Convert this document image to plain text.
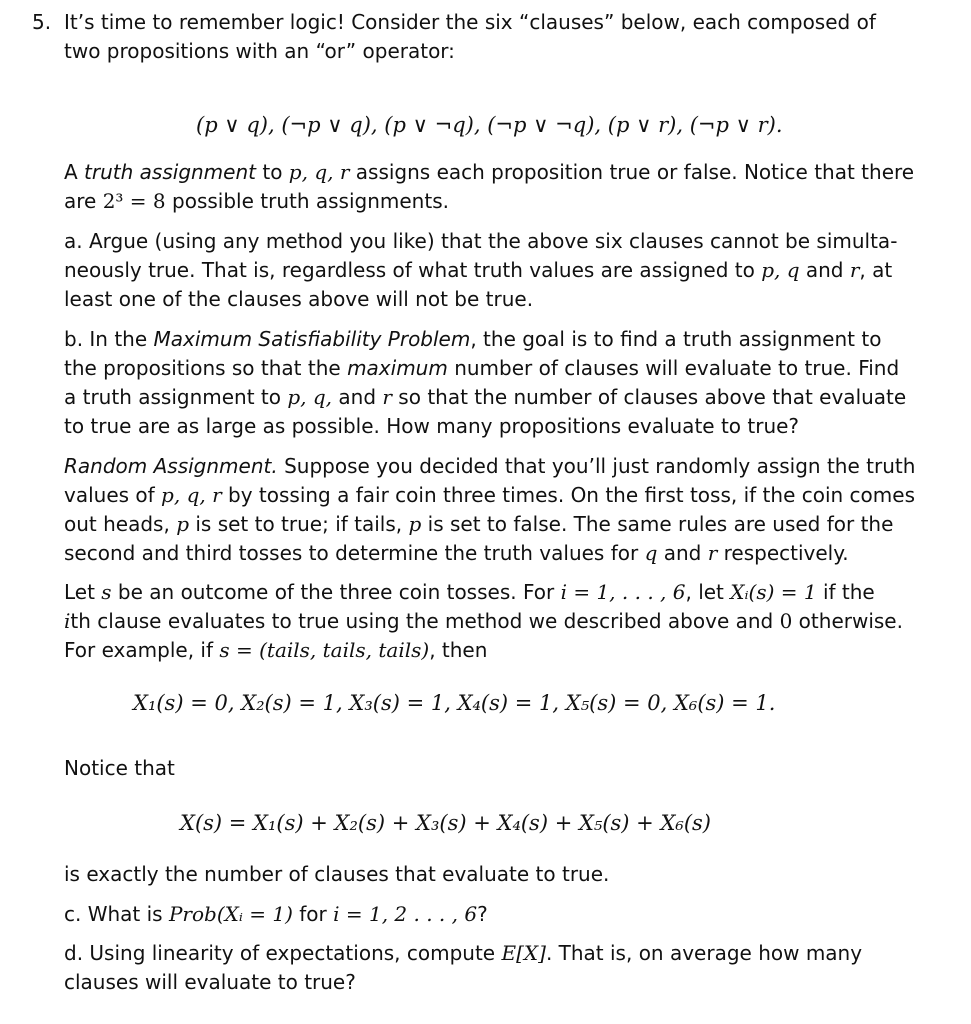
5. It’s time to remember logic! Consider the six “clauses” below, each composed of
two propositions with an “or” operator:
(p ∨ q), (¬p ∨ q), (p ∨ ¬q), (¬p ∨ ¬q), (p ∨ r), (¬p ∨ r).
A truth assignment to p, q, r assigns each proposition true or false. Notice that there
are 2³ = 8 possible truth assignments.
a. Argue (using any method you like) that the above six clauses cannot be simulta-
neously true. That is, regardless of what truth values are assigned to p, q and r, at
least one of the clauses above will not be true.
b. In the Maximum Satisfiability Problem, the goal is to find a truth assignment to
the propositions so that the maximum number of clauses will evaluate to true. Find
a truth assignment to p, q, and r so that the number of clauses above that evaluate
to true are as large as possible. How many propositions evaluate to true?
Random Assignment. Suppose you decided that you’ll just randomly assign the truth
values of p, q, r by tossing a fair coin three times. On the first toss, if the coin comes
out heads, p is set to true; if tails, p is set to false. The same rules are used for the
second and third tosses to determine the truth values for q and r respectively.
Let s be an outcome of the three coin tosses. For i = 1, . . . , 6, let Xᵢ(s) = 1 if the
ith clause evaluates to true using the method we described above and 0 otherwise.
For example, if s = (tails, tails, tails), then
X₁(s) = 0, X₂(s) = 1, X₃(s) = 1, X₄(s) = 1, X₅(s) = 0, X₆(s) = 1.
Notice that
X(s) = X₁(s) + X₂(s) + X₃(s) + X₄(s) + X₅(s) + X₆(s)
is exactly the number of clauses that evaluate to true.
c. What is Prob(Xᵢ = 1) for i = 1, 2 . . . , 6?
d. Using linearity of expectations, compute E[X]. That is, on average how many
clauses will evaluate to true?
